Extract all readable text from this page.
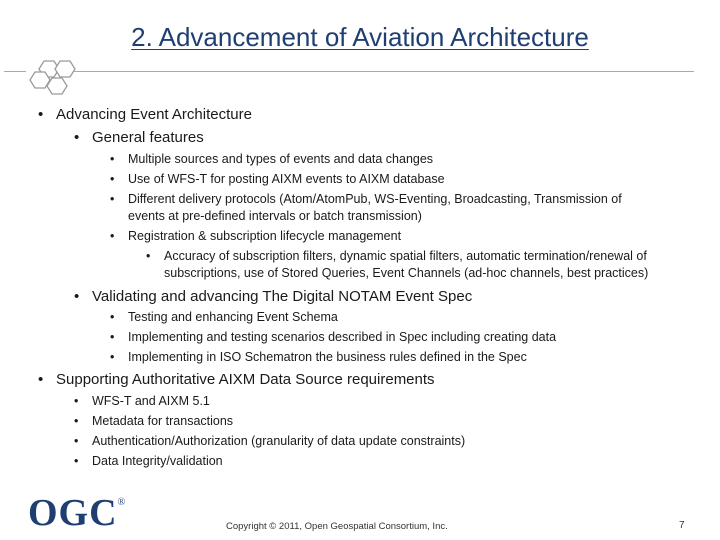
2. Advancement of Aviation Architecture
• Advancing Event Architecture
• General features
• Multiple sources and types of events and data changes
• Use of WFS-T for posting AIXM events to AIXM database
• Different delivery protocols (Atom/AtomPub, WS-Eventing, Broadcasting, Transmission of
events at pre-defined intervals or batch transmission)
• Registration & subscription lifecycle management
• Accuracy of subscription filters, dynamic spatial filters, automatic termination/renewal of
subscriptions, use of Stored Queries, Event Channels (ad-hoc channels, best practices)
• Validating and advancing The Digital NOTAM Event Spec
• Testing and enhancing Event Schema
• Implementing and testing scenarios described in Spec including creating data
• Implementing in ISO Schematron the business rules defined in the Spec
• Supporting Authoritative AIXM Data Source requirements
• WFS-T and AIXM 5.1
• Metadata for transactions
• Authentication/Authorization (granularity of data update constraints)
• Data Integrity/validation
OGC®
Copyright © 2011, Open Geospatial Consortium, Inc.	7
